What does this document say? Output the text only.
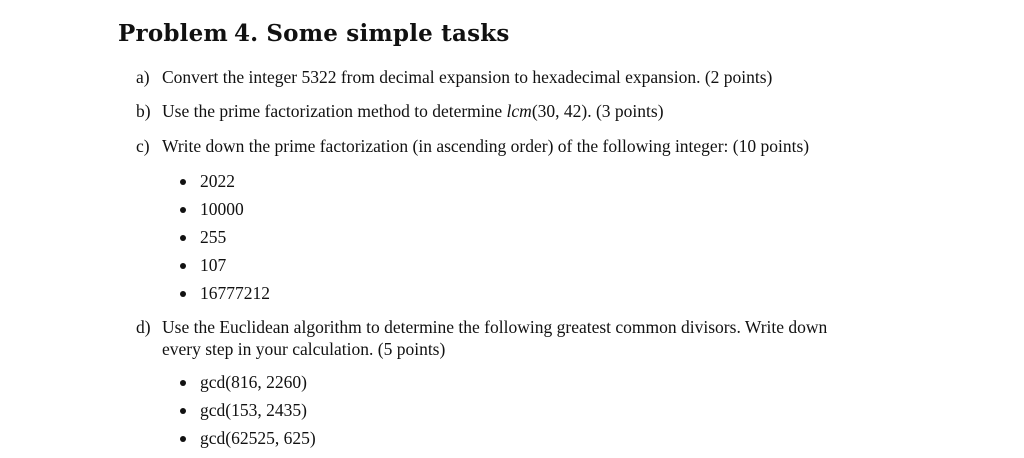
Problem 4. Some simple tasks
a) Convert the integer 5322 from decimal expansion to hexadecimal expansion. (2 points)
b) Use the prime factorization method to determine lcm(30, 42). (3 points)
c) Write down the prime factorization (in ascending order) of the following integer: (10 points)
2022
10000
255
107
16777212
d) Use the Euclidean algorithm to determine the following greatest common divisors. Write down
every step in your calculation. (5 points)
gcd(816, 2260)
gcd(153, 2435)
gcd(62525, 625)
